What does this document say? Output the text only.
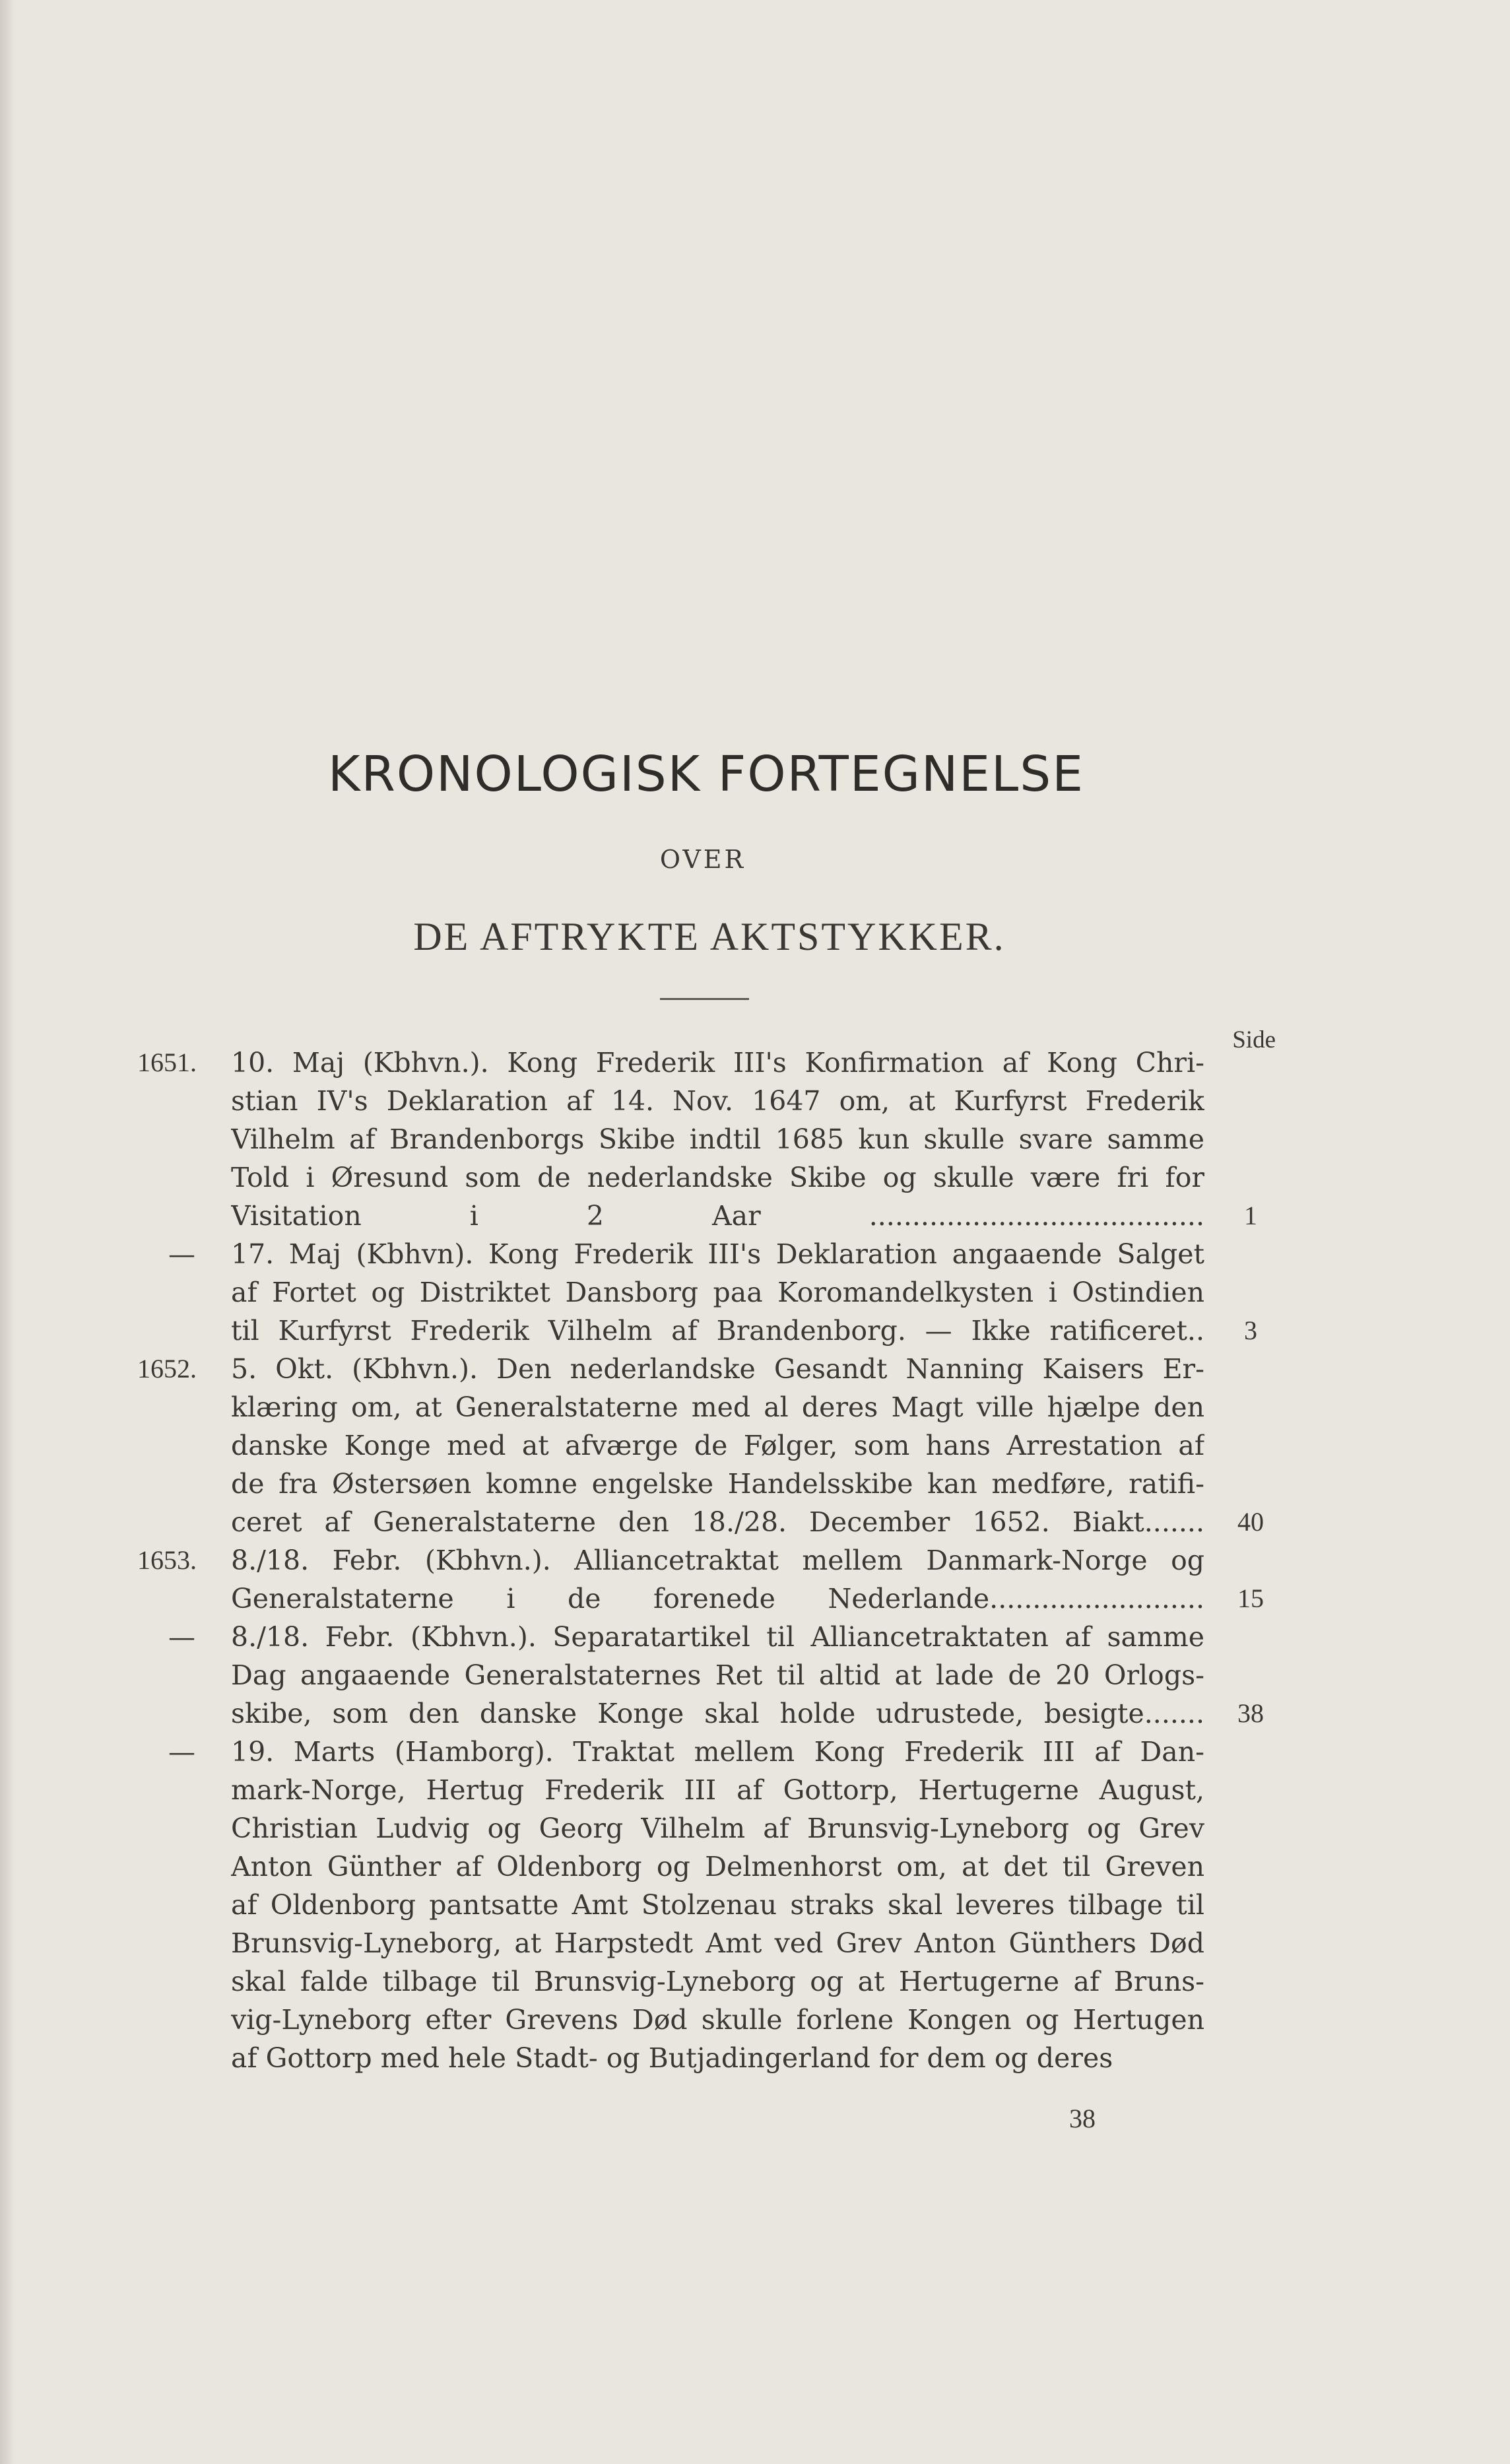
KRONOLOGISK FORTEGNELSE
OVER
DE AFTRYKTE AKTSTYKKER.
Side
1651.	10. Maj (Kbhvn.). Kong Frederik III's Konfirmation af Kong Chri-
stian IV's Deklaration af 14. Nov. 1647 om, at Kurfyrst Frederik
Vilhelm af Brandenborgs Skibe indtil 1685 kun skulle svare samme
Told i Øresund som de nederlandske Skibe og skulle være fri for
Visitation i 2 Aar .......................................	1
— 17. Maj (Kbhvn). Kong Frederik III's Deklaration angaaende Salget
af Fortet og Distriktet Dansborg paa Koromandelkysten i Ostindien
til Kurfyrst Frederik Vilhelm af Brandenborg. — Ikke ratificeret..	3
1652.	5. Okt. (Kbhvn.). Den nederlandske Gesandt Nanning Kaisers Er-
klæring om, at Generalstaterne med al deres Magt ville hjælpe den
danske Konge med at afværge de Følger, som hans Arrestation af
de fra Østersøen komne engelske Handelsskibe kan medføre, ratifi-
ceret af Generalstaterne den 18./28. December 1652. Biakt.......	40
1653.	8./18. Febr. (Kbhvn.). Alliancetraktat mellem Danmark-Norge og
Generalstaterne i de forenede Nederlande.........................	15
— 8./18. Febr. (Kbhvn.). Separatartikel til Alliancetraktaten af samme
Dag angaaende Generalstaternes Ret til altid at lade de 20 Orlogs-
skibe, som den danske Konge skal holde udrustede, besigte.......	38
— 19. Marts (Hamborg). Traktat mellem Kong Frederik III af Dan-
mark-Norge, Hertug Frederik III af Gottorp, Hertugerne August,
Christian Ludvig og Georg Vilhelm af Brunsvig-Lyneborg og Grev
Anton Günther af Oldenborg og Delmenhorst om, at det til Greven
af Oldenborg pantsatte Amt Stolzenau straks skal leveres tilbage til
Brunsvig-Lyneborg, at Harpstedt Amt ved Grev Anton Günthers Død
skal falde tilbage til Brunsvig-Lyneborg og at Hertugerne af Bruns-
vig-Lyneborg efter Grevens Død skulle forlene Kongen og Hertugen
af Gottorp med hele Stadt- og Butjadingerland for dem og deres
38
